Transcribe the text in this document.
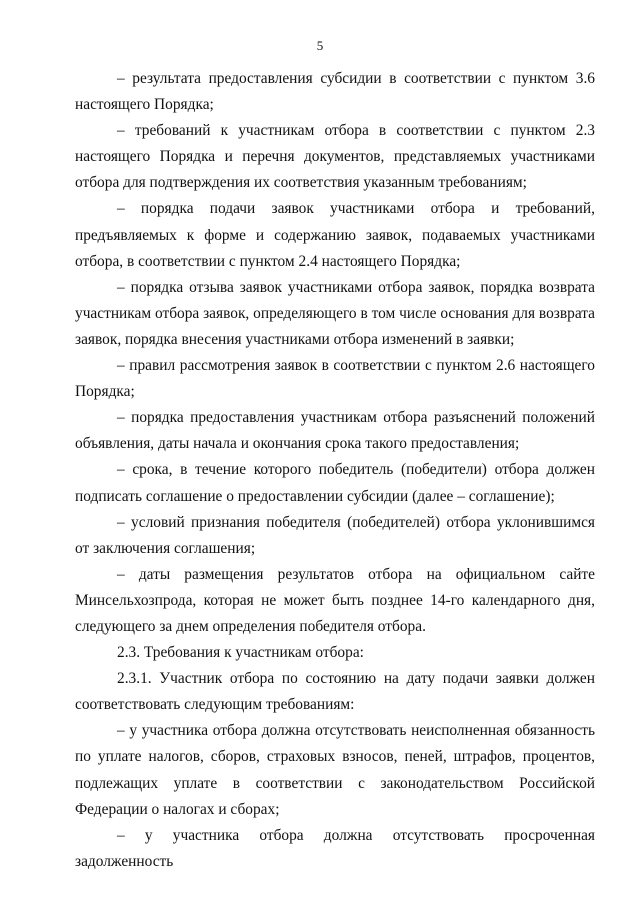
5

– результата предоставления субсидии в соответствии с пунктом 3.6 настоящего Порядка;

– требований к участникам отбора в соответствии с пунктом 2.3 настоящего Порядка и перечня документов, представляемых участниками отбора для подтверждения их соответствия указанным требованиям;

– порядка подачи заявок участниками отбора и требований, предъявляемых к форме и содержанию заявок, подаваемых участниками отбора, в соответствии с пунктом 2.4 настоящего Порядка;

– порядка отзыва заявок участниками отбора заявок, порядка возврата участникам отбора заявок, определяющего в том числе основания для возврата заявок, порядка внесения участниками отбора изменений в заявки;

– правил рассмотрения заявок в соответствии с пунктом 2.6 настоящего Порядка;

– порядка предоставления участникам отбора разъяснений положений объявления, даты начала и окончания срока такого предоставления;

– срока, в течение которого победитель (победители) отбора должен подписать соглашение о предоставлении субсидии (далее – соглашение);

– условий признания победителя (победителей) отбора уклонившимся от заключения соглашения;

– даты размещения результатов отбора на официальном сайте Минсельхозпрода, которая не может быть позднее 14-го календарного дня, следующего за днем определения победителя отбора.

2.3. Требования к участникам отбора:

2.3.1. Участник отбора по состоянию на дату подачи заявки должен соответствовать следующим требованиям:

– у участника отбора должна отсутствовать неисполненная обязанность по уплате налогов, сборов, страховых взносов, пеней, штрафов, процентов, подлежащих уплате в соответствии с законодательством Российской Федерации о налогах и сборах;

– у участника отбора должна отсутствовать просроченная задолженность
